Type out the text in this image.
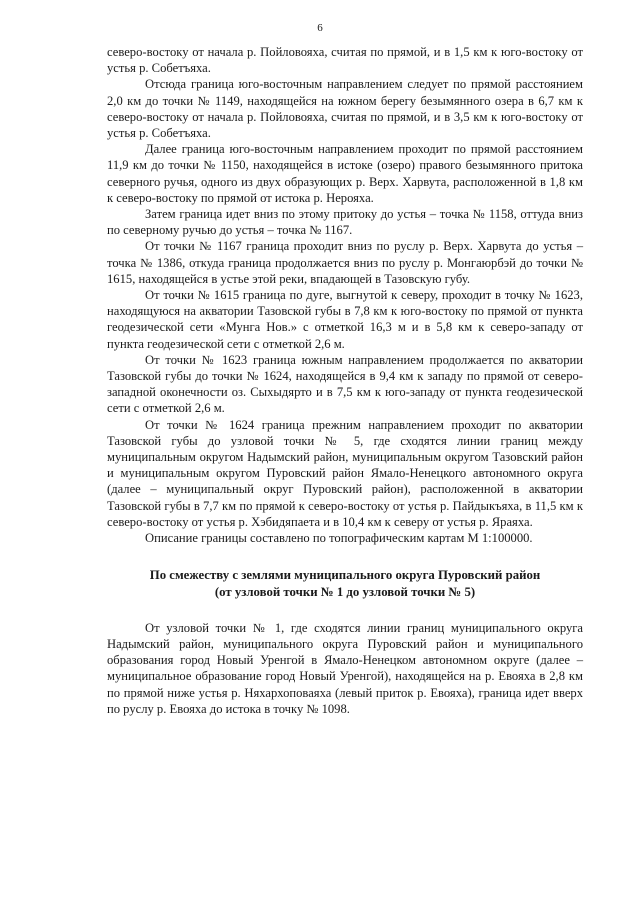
6

северо-востоку от начала р. Пойловояха, считая по прямой, и в 1,5 км к юго-востоку от устья р. Собетъяха.

Отсюда граница юго-восточным направлением следует по прямой расстоянием 2,0 км до точки № 1149, находящейся на южном берегу безымянного озера в 6,7 км к северо-востоку от начала р. Пойловояха, считая по прямой, и в 3,5 км к юго-востоку от устья р. Собетъяха.

Далее граница юго-восточным направлением проходит по прямой расстоянием 11,9 км до точки № 1150, находящейся в истоке (озеро) правого безымянного притока северного ручья, одного из двух образующих р. Верх. Харвута, расположенной в 1,8 км к северо-востоку по прямой от истока р. Нерояха.

Затем граница идет вниз по этому притоку до устья – точка № 1158, оттуда вниз по северному ручью до устья – точка № 1167.

От точки № 1167 граница проходит вниз по руслу р. Верх. Харвута до устья – точка № 1386, откуда граница продолжается вниз по руслу р. Монгаюрбэй до точки № 1615, находящейся в устье этой реки, впадающей в Тазовскую губу.

От точки № 1615 граница по дуге, выгнутой к северу, проходит в точку № 1623, находящуюся на акватории Тазовской губы в 7,8 км к юго-востоку по прямой от пункта геодезической сети «Мунга Нов.» с отметкой 16,3 м и в 5,8 км к северо-западу от пункта геодезической сети с отметкой 2,6 м.

От точки № 1623 граница южным направлением продолжается по акватории Тазовской губы до точки № 1624, находящейся в 9,4 км к западу по прямой от северо-западной оконечности оз. Сыхыдярто и в 7,5 км к юго-западу от пункта геодезической сети с отметкой 2,6 м.

От точки № 1624 граница прежним направлением проходит по акватории Тазовской губы до узловой точки № 5, где сходятся линии границ между муниципальным округом Надымский район, муниципальным округом Тазовский район и муниципальным округом Пуровский район Ямало-Ненецкого автономного округа (далее – муниципальный округ Пуровский район), расположенной в акватории Тазовской губы в 7,7 км по прямой к северо-востоку от устья р. Пайдыкъяха, в 11,5 км к северо-востоку от устья р. Хэбидяпаета и в 10,4 км к северу от устья р. Яраяха.

Описание границы составлено по топографическим картам М 1:100000.

По смежеству с землями муниципального округа Пуровский район
(от узловой точки № 1 до узловой точки № 5)

От узловой точки № 1, где сходятся линии границ муниципального округа Надымский район, муниципального округа Пуровский район и муниципального образования город Новый Уренгой в Ямало-Ненецком автономном округе (далее – муниципальное образование город Новый Уренгой), находящейся на р. Евояха в 2,8 км по прямой ниже устья р. Няхархоповаяха (левый приток р. Евояха), граница идет вверх по руслу р. Евояха до истока в точку № 1098.
